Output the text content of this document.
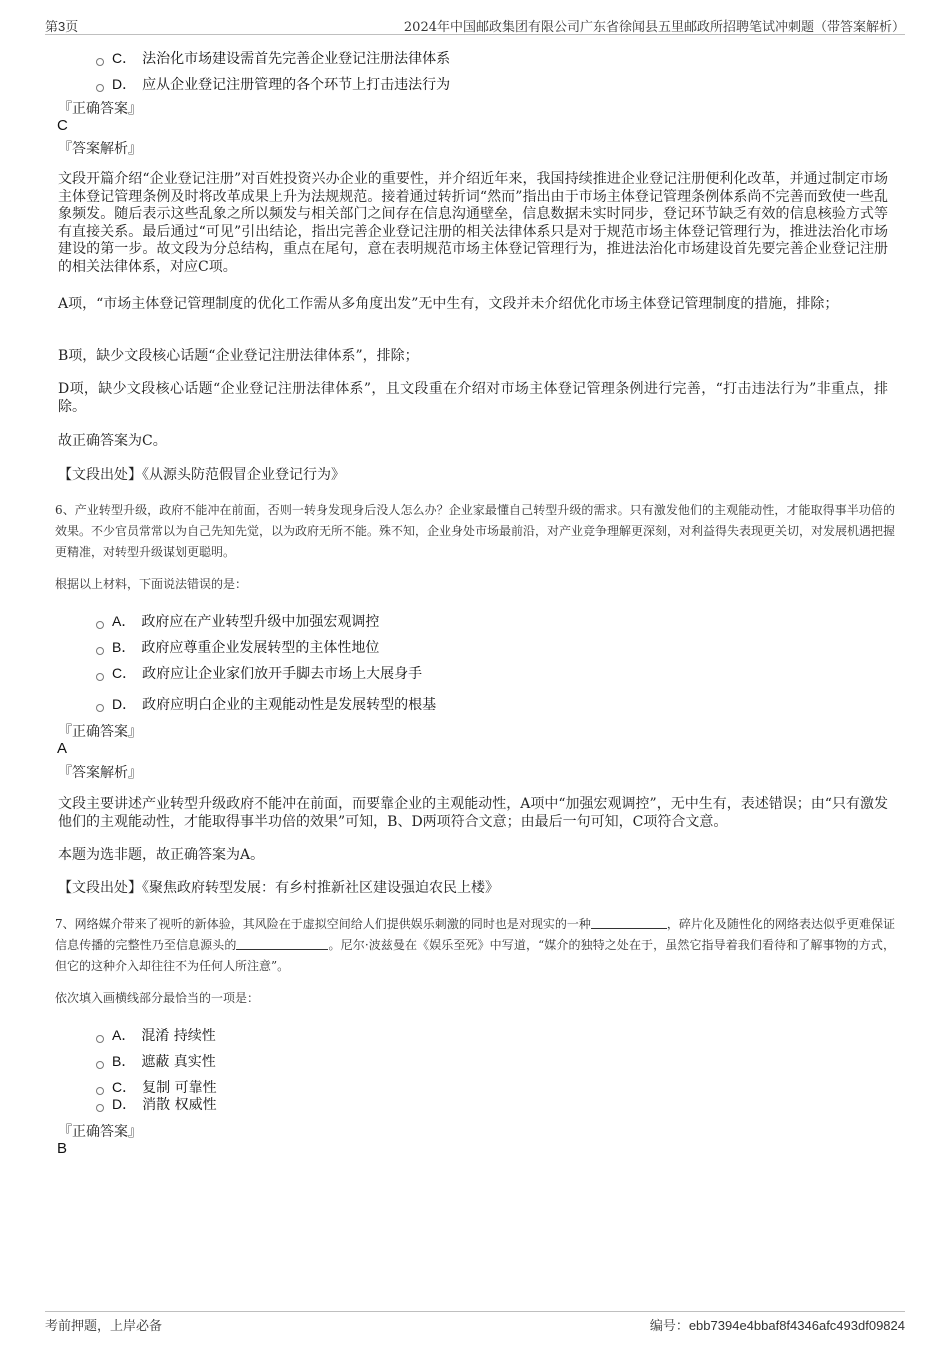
第3页	2024年中国邮政集团有限公司广东省徐闻县五里邮政所招聘笔试冲刺题（带答案解析）
C． 法治化市场建设需首先完善企业登记注册法律体系
D． 应从企业登记注册管理的各个环节上打击违法行为
『正确答案』
C
『答案解析』
文段开篇介绍“企业登记注册”对百姓投资兴办企业的重要性，并介绍近年来，我国持续推进企业登记注册便利化改革，并通过制定市场主体登记管理条例及时将改革成果上升为法规规范。接着通过转折词“然而”指出由于市场主体登记管理条例体系尚不完善而致使一些乱象频发。随后表示这些乱象之所以频发与相关部门之间存在信息沟通壁垒，信息数据未实时同步，登记环节缺乏有效的信息核验方式等有直接关系。最后通过“可见”引出结论，指出完善企业登记注册的相关法律体系只是对于规范市场主体登记管理行为，推进法治化市场建设的第一步。故文段为分总结构，重点在尾句，意在表明规范市场主体登记管理行为，推进法治化市场建设首先要完善企业登记注册的相关法律体系，对应C项。
A项，“市场主体登记管理制度的优化工作需从多角度出发”无中生有，文段并未介绍优化市场主体登记管理制度的措施，排除；
B项，缺少文段核心话题“企业登记注册法律体系”，排除；
D项，缺少文段核心话题“企业登记注册法律体系”，且文段重在介绍对市场主体登记管理条例进行完善，“打击违法行为”非重点，排除。
故正确答案为C。
【文段出处】《从源头防范假冒企业登记行为》
6、产业转型升级，政府不能冲在前面，否则一转身发现身后没人怎么办？企业家最懂自己转型升级的需求。只有激发他们的主观能动性，才能取得事半功倍的效果。不少官员常常以为自己先知先觉，以为政府无所不能。殊不知，企业身处市场最前沿，对产业竞争理解更深刻，对利益得失表现更关切，对发展机遇把握更精准，对转型升级谋划更聪明。
根据以上材料，下面说法错误的是：
A． 政府应在产业转型升级中加强宏观调控
B． 政府应尊重企业发展转型的主体性地位
C． 政府应让企业家们放开手脚去市场上大展身手
D． 政府应明白企业的主观能动性是发展转型的根基
『正确答案』
A
『答案解析』
文段主要讲述产业转型升级政府不能冲在前面，而要靠企业的主观能动性，A项中“加强宏观调控”，无中生有，表述错误；由“只有激发他们的主观能动性，才能取得事半功倍的效果”可知，B、D两项符合文意；由最后一句可知，C项符合文意。
本题为选非题，故正确答案为A。
【文段出处】《聚焦政府转型发展：有乡村推新社区建设强迫农民上楼》
7、网络媒介带来了视听的新体验，其风险在于虚拟空间给人们提供娱乐刺激的同时也是对现实的一种	，碎片化及随性化的网络表达似乎更难保证信息传播的完整性乃至信息源头的	。尼尔·波兹曼在《娱乐至死》中写道，“媒介的独特之处在于，虽然它指导着我们看待和了解事物的方式，但它的这种介入却往往不为任何人所注意”。
依次填入画横线部分最恰当的一项是：
A． 混淆 持续性
B． 遮蔽 真实性
C． 复制 可靠性
D． 消散 权威性
『正确答案』
B
考前押题，上岸必备	编号：ebb7394e4bbaf8f4346afc493df09824
